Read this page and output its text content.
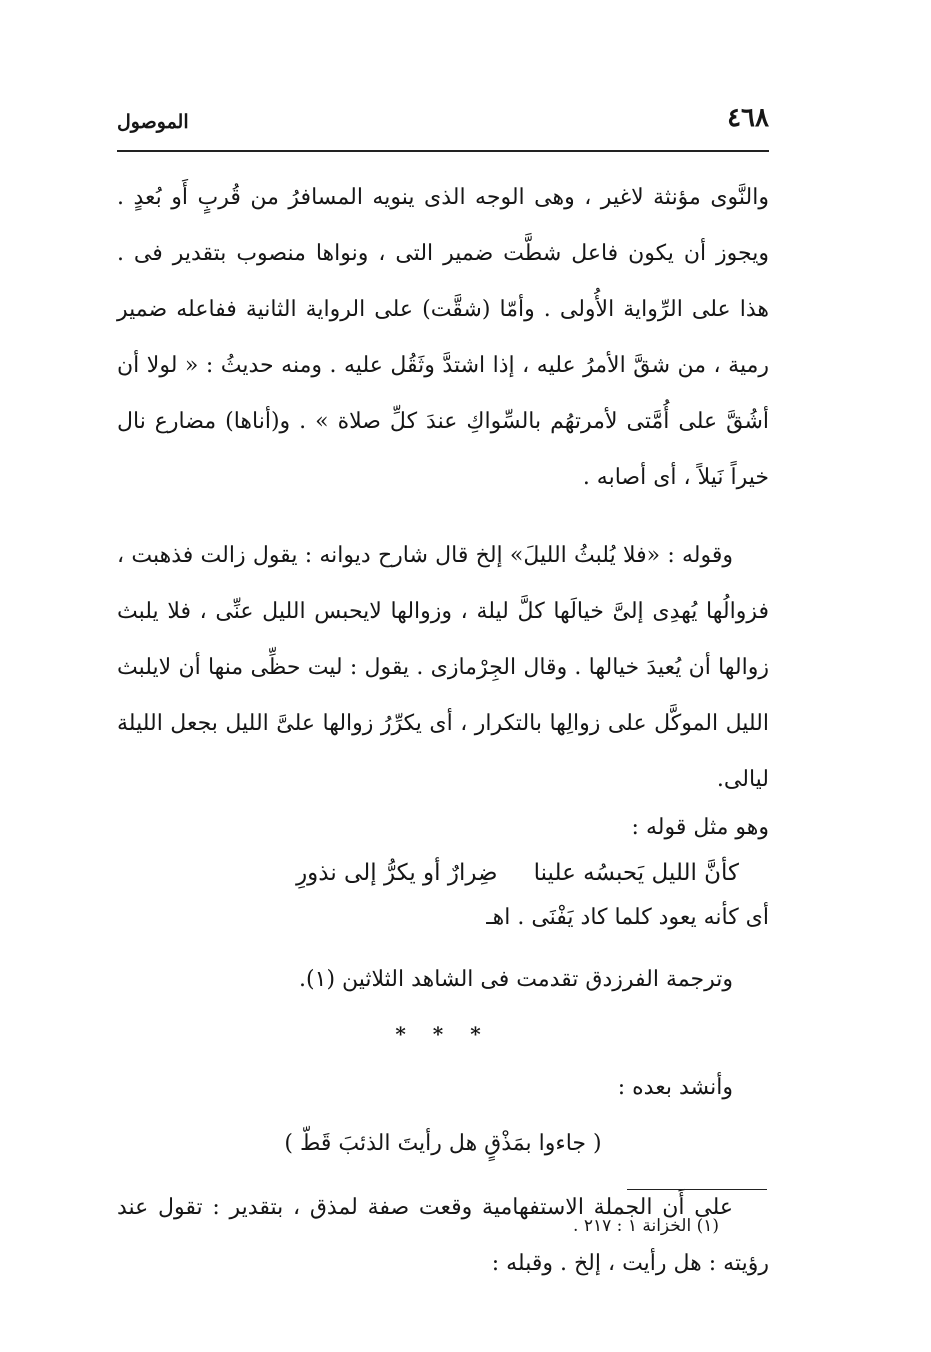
٤٦٨
الموصول

والنَّوى مؤنثة لاغير ، وهى الوجه الذى ينويه المسافرُ من قُربٍ أَو بُعدٍ . ويجوز أن يكون فاعل شطَّت ضمير التى ، ونواها منصوب بتقدير فى . هذا على الرِّواية الأُولى . وأمّا (شقَّت) على الرواية الثانية ففاعله ضمير رمية ، من شقَّ الأمرُ عليه ، إذا اشتدَّ وثَقُل عليه . ومنه حديثُ : « لولا أن أشُقَّ على أُمَّتى لأمرتهُم بالسِّواكِ عندَ كلِّ صلاة » . و(أناها) مضارع نال خيراً نَيلاً ، أى أصابه .

وقوله : «فلا يُلبثُ الليلَ» إلخ قال شارح ديوانه : يقول زالت فذهبت ، فزوالُها يُهدِى إلىَّ خيالَها كلَّ ليلة ، وزوالها لايحبس الليل عنِّى ، فلا يلبث زوالها أن يُعيدَ خيالها . وقال الجِرْمازى . يقول : ليت حظِّى منها أن لايلبث الليل الموكَّل على زوالِها بالتكرار ، أى يكرِّرُ زوالها علىَّ الليل بجعل الليلة ليالى.

وهو مثل قوله :

كأنَّ الليل يَحبسُه علينا
ضِرارٌ أو يكرُّ إلى نذورِ

أى كأنه يعود كلما كاد يَفْنَى . اهـ

وترجمة الفرزدق تقدمت فى الشاهد الثلاثين (١).

* * *

وأنشد بعده :

( جاءوا بمَذْقٍ هل رأيتَ الذئبَ قَطّ )

على أَن الجملة الاستفهامية وقعت صفة لمذق ، بتقدير : تقول عند رؤيته : هل رأيت ، إلخ . وقبله :

(١) الخزانة ١ : ٢١٧ .
